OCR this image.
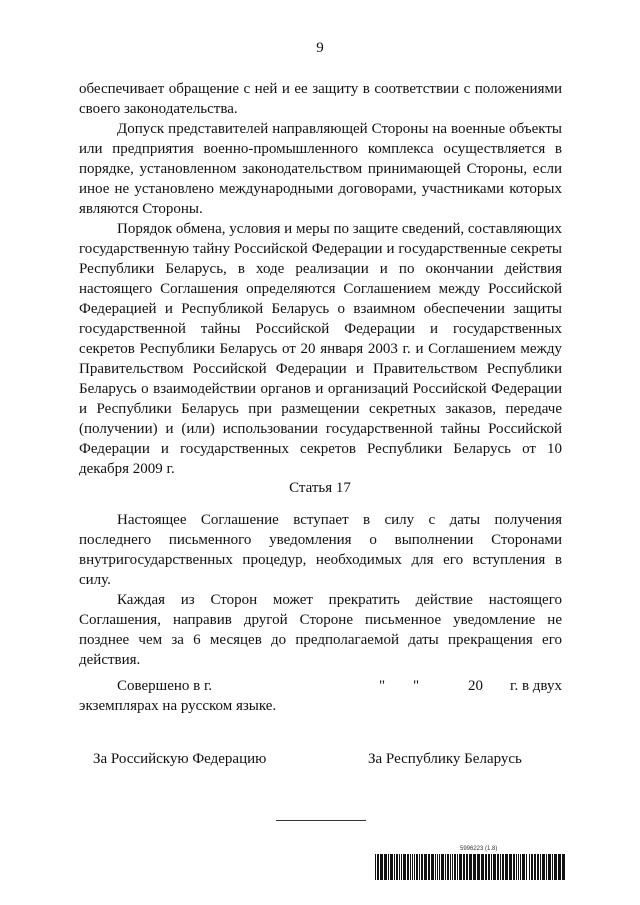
9

обеспечивает обращение с ней и ее защиту в соответствии с положениями

своего законодательства.

Допуск представителей направляющей Стороны на военные объекты или предприятия военно-промышленного комплекса осуществляется в порядке, установленном законодательством принимающей Стороны, если иное не установлено международными договорами, участниками которых являются Стороны.

Порядок обмена, условия и меры по защите сведений, составляющих государственную тайну Российской Федерации и государственные секреты Республики Беларусь, в ходе реализации и по окончании действия настоящего Соглашения определяются Соглашением между Российской Федерацией и Республикой Беларусь о взаимном обеспечении защиты государственной тайны Российской Федерации и государственных секретов Республики Беларусь от 20 января 2003 г. и Соглашением между Правительством Российской Федерации и Правительством Республики Беларусь о взаимодействии органов и организаций Российской Федерации и Республики Беларусь при размещении секретных заказов, передаче (получении) и (или) использовании государственной тайны Российской Федерации и государственных секретов Республики Беларусь от 10 декабря 2009 г.

Статья 17

Настоящее Соглашение вступает в силу с даты получения последнего письменного уведомления о выполнении Сторонами внутригосударственных процедур, необходимых для его вступления в силу.

Каждая из Сторон может прекратить действие настоящего Соглашения, направив другой Стороне письменное уведомление не позднее чем за 6 месяцев до предполагаемой даты прекращения его действия.

Совершено в г.	" "	20 г. в двух
экземплярах на русском языке.
За Российскую Федерацию	За Республику Беларусь
5996223 (1.8)
